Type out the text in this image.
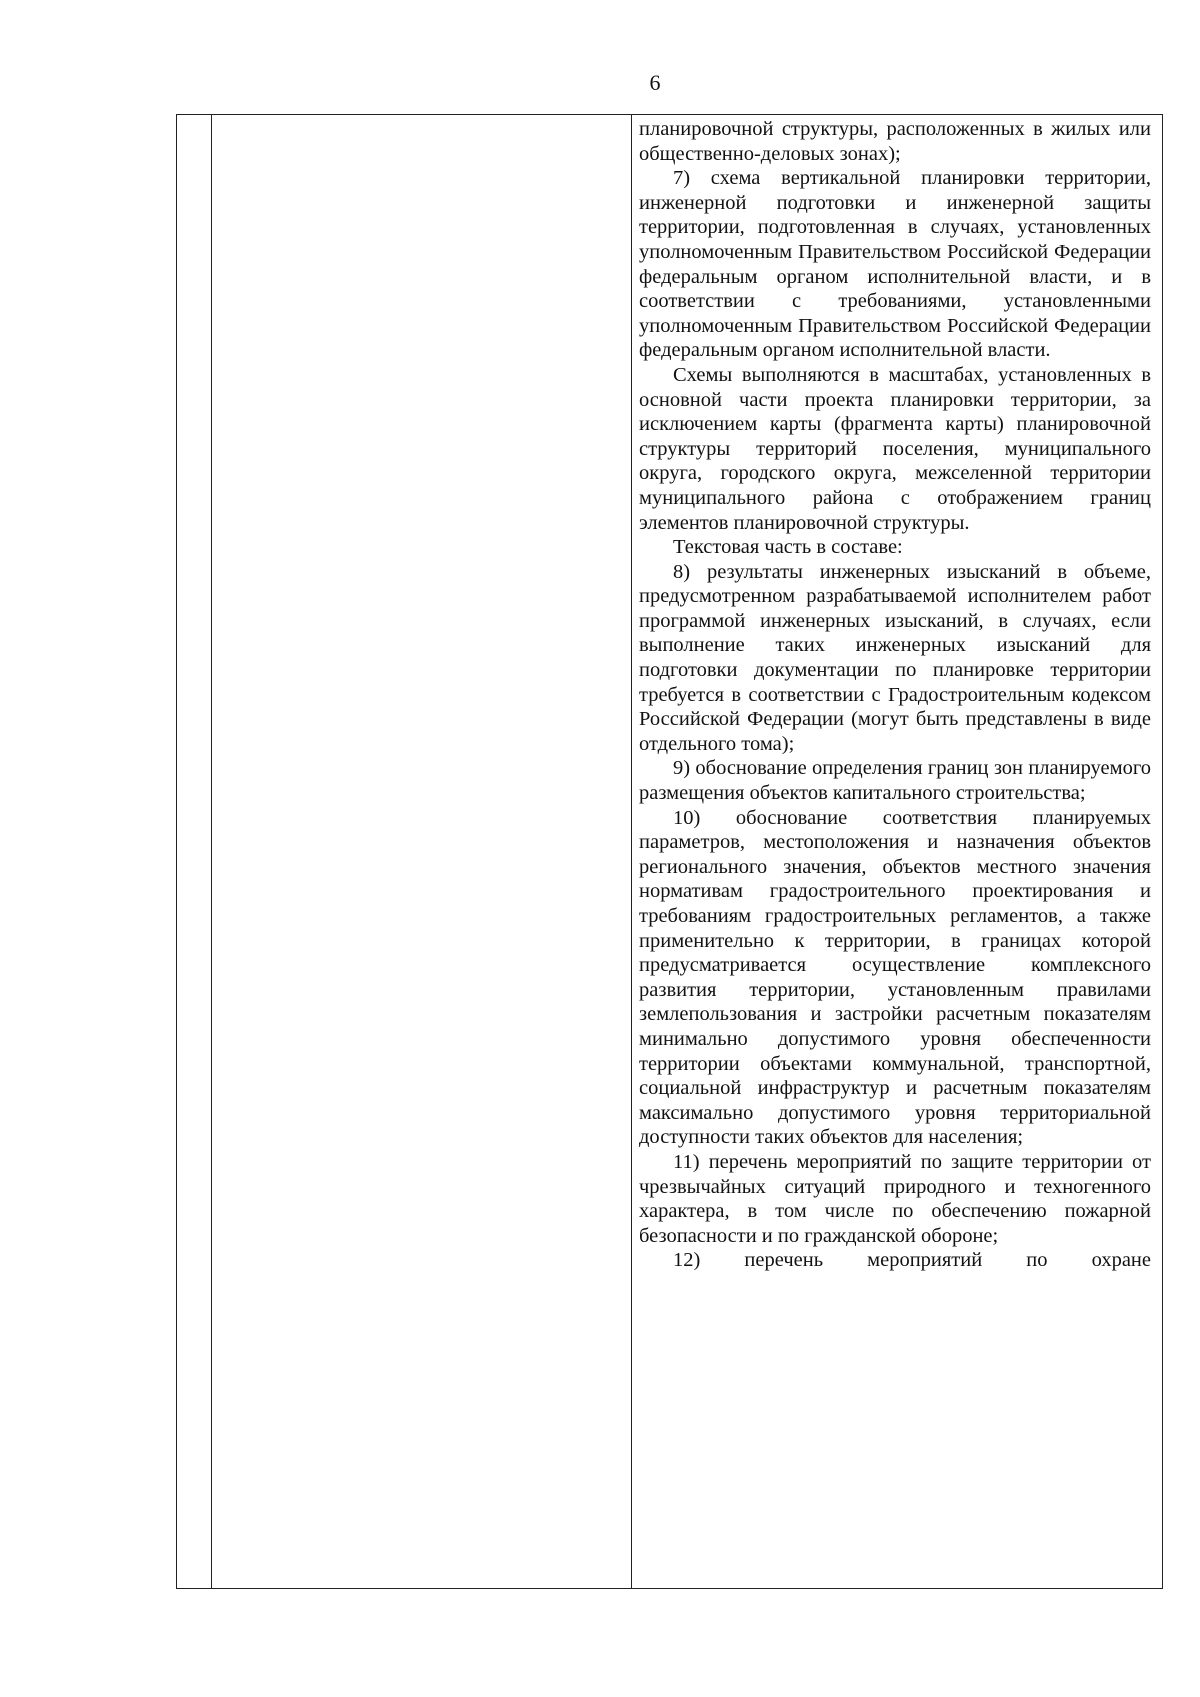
6

планировочной структуры, расположенных в жилых или общественно-деловых зонах);

7) схема вертикальной планировки территории, инженерной подготовки и инженерной защиты территории, подготовленная в случаях, установленных уполномоченным Правительством Российской Федерации федеральным органом исполнительной власти, и в соответствии с требованиями, установленными уполномоченным Правительством Российской Федерации федеральным органом исполнительной власти.

Схемы выполняются в масштабах, установленных в основной части проекта планировки территории, за исключением карты (фрагмента карты) планировочной структуры территорий поселения, муниципального округа, городского округа, межселенной территории муниципального района с отображением границ элементов планировочной структуры.

Текстовая часть в составе:

8) результаты инженерных изысканий в объеме, предусмотренном разрабатываемой исполнителем работ программой инженерных изысканий, в случаях, если выполнение таких инженерных изысканий для подготовки документации по планировке территории требуется в соответствии с Градостроительным кодексом Российской Федерации (могут быть представлены в виде отдельного тома);

9) обоснование определения границ зон планируемого размещения объектов капитального строительства;

10) обоснование соответствия планируемых параметров, местоположения и назначения объектов регионального значения, объектов местного значения нормативам градостроительного проектирования и требованиям градостроительных регламентов, а также применительно к территории, в границах которой предусматривается осуществление комплексного развития территории, установленным правилами землепользования и застройки расчетным показателям минимально допустимого уровня обеспеченности территории объектами коммунальной, транспортной, социальной инфраструктур и расчетным показателям максимально допустимого уровня территориальной доступности таких объектов для населения;

11) перечень мероприятий по защите территории от чрезвычайных ситуаций природного и техногенного характера, в том числе по обеспечению пожарной безопасности и по гражданской обороне;

12) перечень мероприятий по охране
